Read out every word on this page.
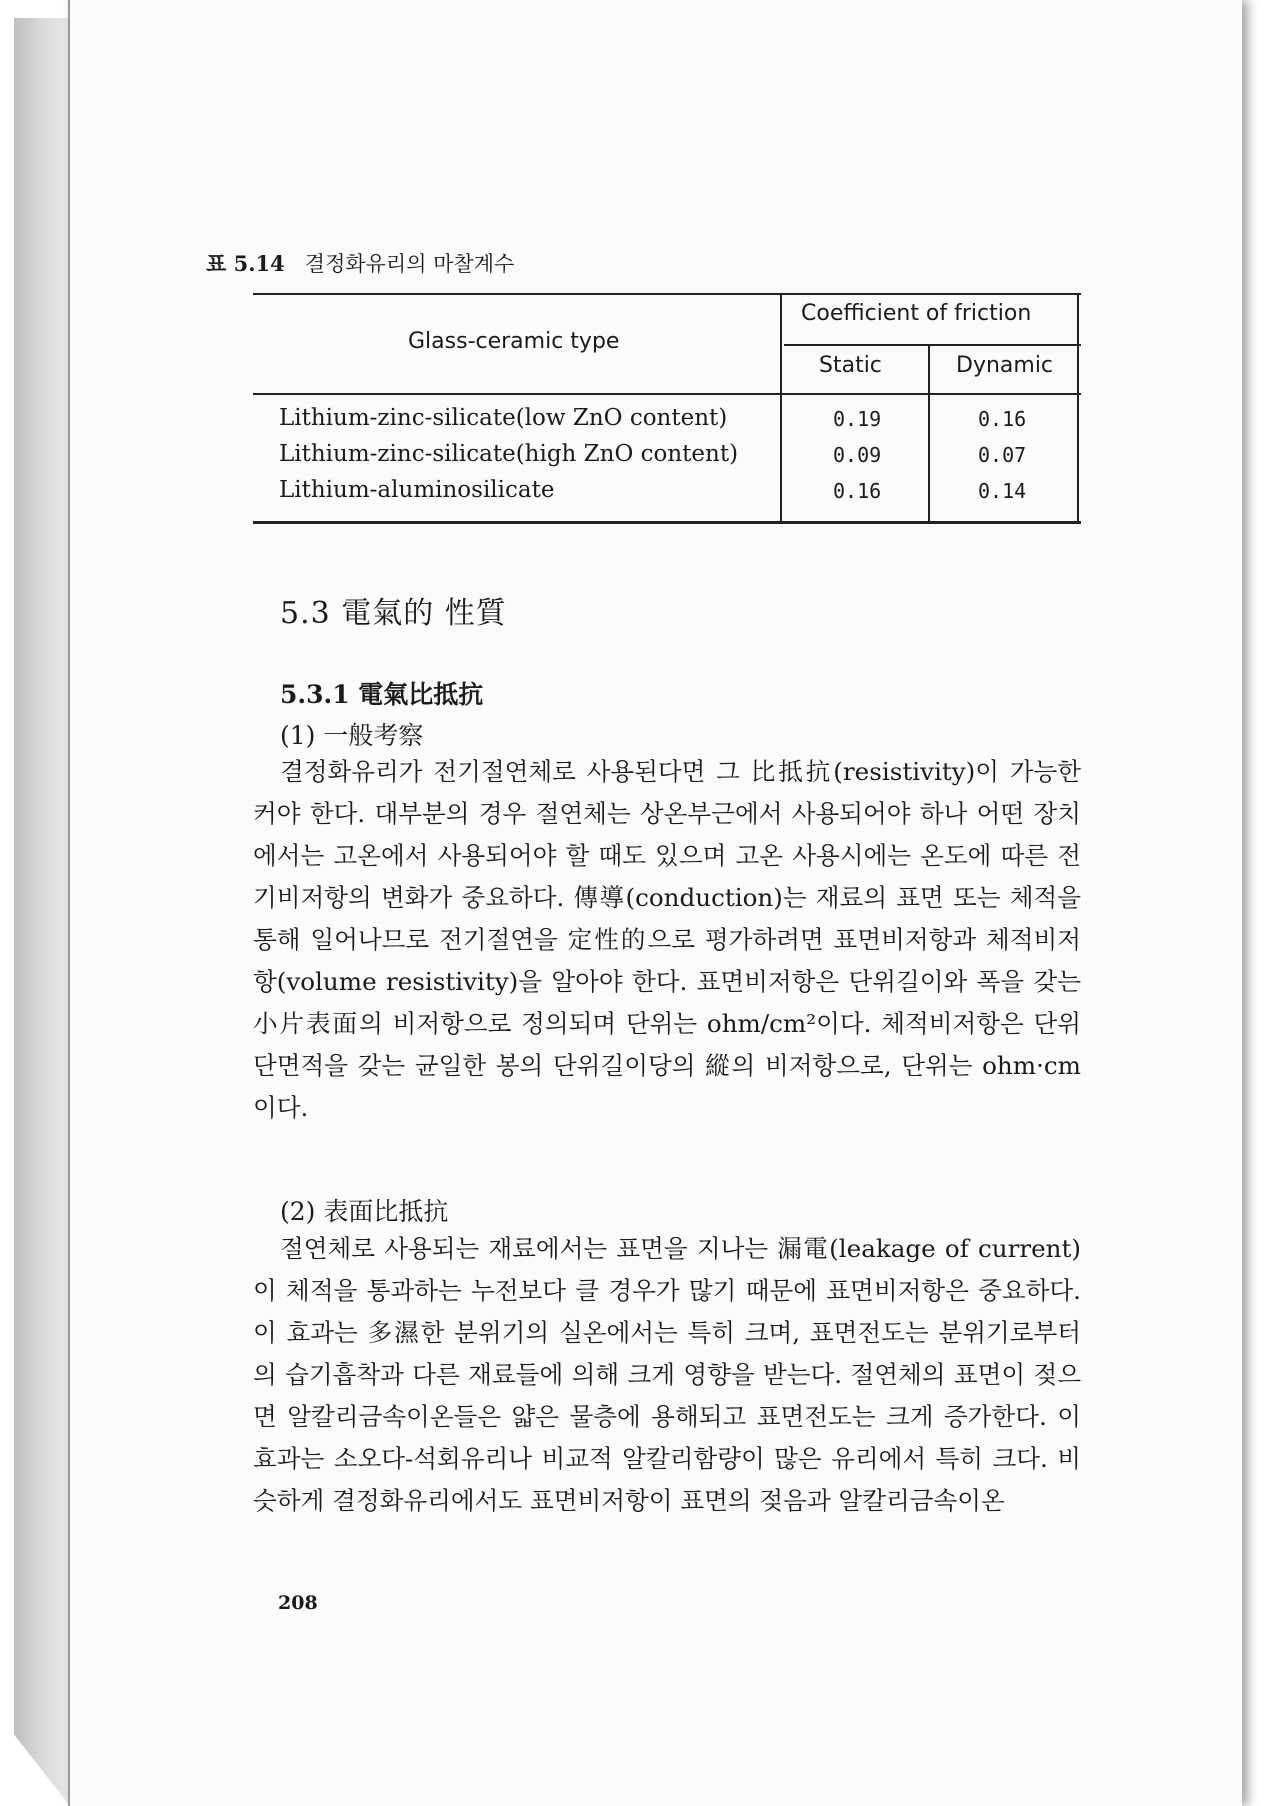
표 5.14 결정화유리의 마찰계수
Glass-ceramic type
Coefficient of friction
Static	Dynamic
Lithium-zinc-silicate(low ZnO content)	0.19	0.16
Lithium-zinc-silicate(high ZnO content)	0.09	0.07
Lithium-aluminosilicate	0.16	0.14
5.3 電氣的 性質
5.3.1 電氣比抵抗
(1) 一般考察
결정화유리가 전기절연체로 사용된다면 그 比抵抗(resistivity)이 가능한 커야 한다. 대부분의 경우 절연체는 상온부근에서 사용되어야 하나 어떤 장치에서는 고온에서 사용되어야 할 때도 있으며 고온 사용시에는 온도에 따른 전기비저항의 변화가 중요하다. 傳導(conduction)는 재료의 표면 또는 체적을 통해 일어나므로 전기절연을 定性的으로 평가하려면 표면비저항과 체적비저항(volume resistivity)을 알아야 한다. 표면비저항은 단위길이와 폭을 갖는 小片表面의 비저항으로 정의되며 단위는 ohm/cm²이다. 체적비저항은 단위단면적을 갖는 균일한 봉의 단위길이당의 縱의 비저항으로, 단위는 ohm·cm 이다.
(2) 表面比抵抗
절연체로 사용되는 재료에서는 표면을 지나는 漏電(leakage of current)이 체적을 통과하는 누전보다 클 경우가 많기 때문에 표면비저항은 중요하다. 이 효과는 多濕한 분위기의 실온에서는 특히 크며, 표면전도는 분위기로부터의 습기흡착과 다른 재료들에 의해 크게 영향을 받는다. 절연체의 표면이 젖으면 알칼리금속이온들은 얇은 물층에 용해되고 표면전도는 크게 증가한다. 이 효과는 소오다-석회유리나 비교적 알칼리함량이 많은 유리에서 특히 크다. 비슷하게 결정화유리에서도 표면비저항이 표면의 젖음과 알칼리금속이온
208
